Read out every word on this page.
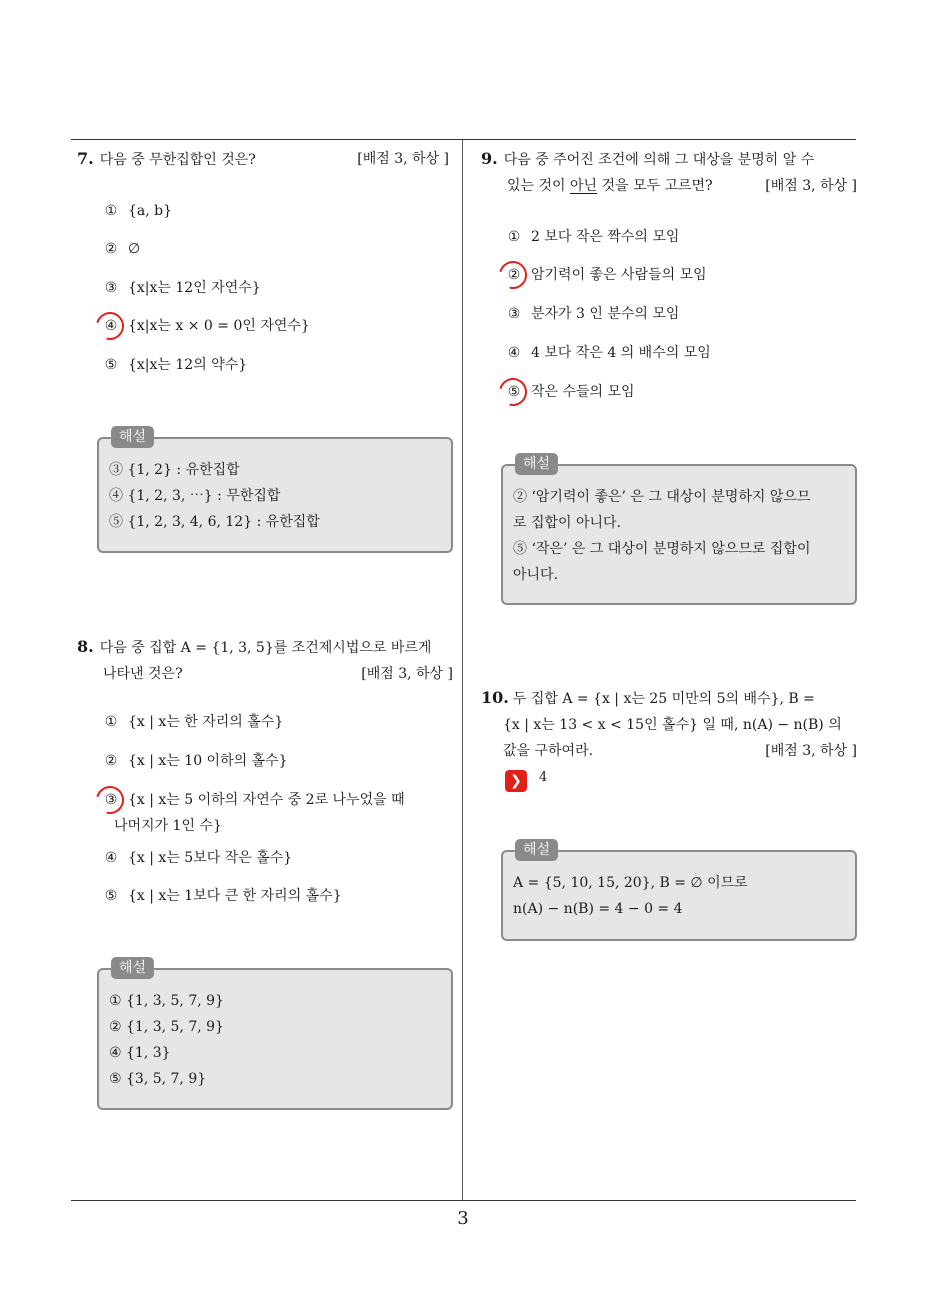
7. 다음 중 무한집합인 것은?	[배점 3, 하상 ]
① {a, b}
② ∅
③ {x|x는 12인 자연수}
④ {x|x는 x × 0 = 0인 자연수}
⑤ {x|x는 12의 약수}
해설
③ {1, 2} : 유한집합
④ {1, 2, 3, ⋯} : 무한집합
⑤ {1, 2, 3, 4, 6, 12} : 유한집합
8. 다음 중 집합 A = {1, 3, 5}를 조건제시법으로 바르게
나타낸 것은?	[배점 3, 하상 ]
① {x | x는 한 자리의 홀수}
② {x | x는 10 이하의 홀수}
③ {x | x는 5 이하의 자연수 중 2로 나누었을 때
나머지가 1인 수}
④ {x | x는 5보다 작은 홀수}
⑤ {x | x는 1보다 큰 한 자리의 홀수}
해설
① {1, 3, 5, 7, 9}
② {1, 3, 5, 7, 9}
④ {1, 3}
⑤ {3, 5, 7, 9}
9. 다음 중 주어진 조건에 의해 그 대상을 분명히 알 수
있는 것이 아닌 것을 모두 고르면?	[배점 3, 하상 ]
① 2 보다 작은 짝수의 모임
② 암기력이 좋은 사람들의 모임
③ 분자가 3 인 분수의 모임
④ 4 보다 작은 4 의 배수의 모임
⑤ 작은 수들의 모임
해설
② ‘암기력이 좋은’ 은 그 대상이 분명하지 않으므
로 집합이 아니다.
⑤ ‘작은’ 은 그 대상이 분명하지 않으므로 집합이
아니다.
10. 두 집합 A = {x | x는 25 미만의 5의 배수}, B =
{x | x는 13 < x < 15인 홀수} 일 때, n(A) − n(B) 의
값을 구하여라.	[배점 3, 하상 ]
❯ 4
해설
A = {5, 10, 15, 20}, B = ∅ 이므로
n(A) − n(B) = 4 − 0 = 4
3
